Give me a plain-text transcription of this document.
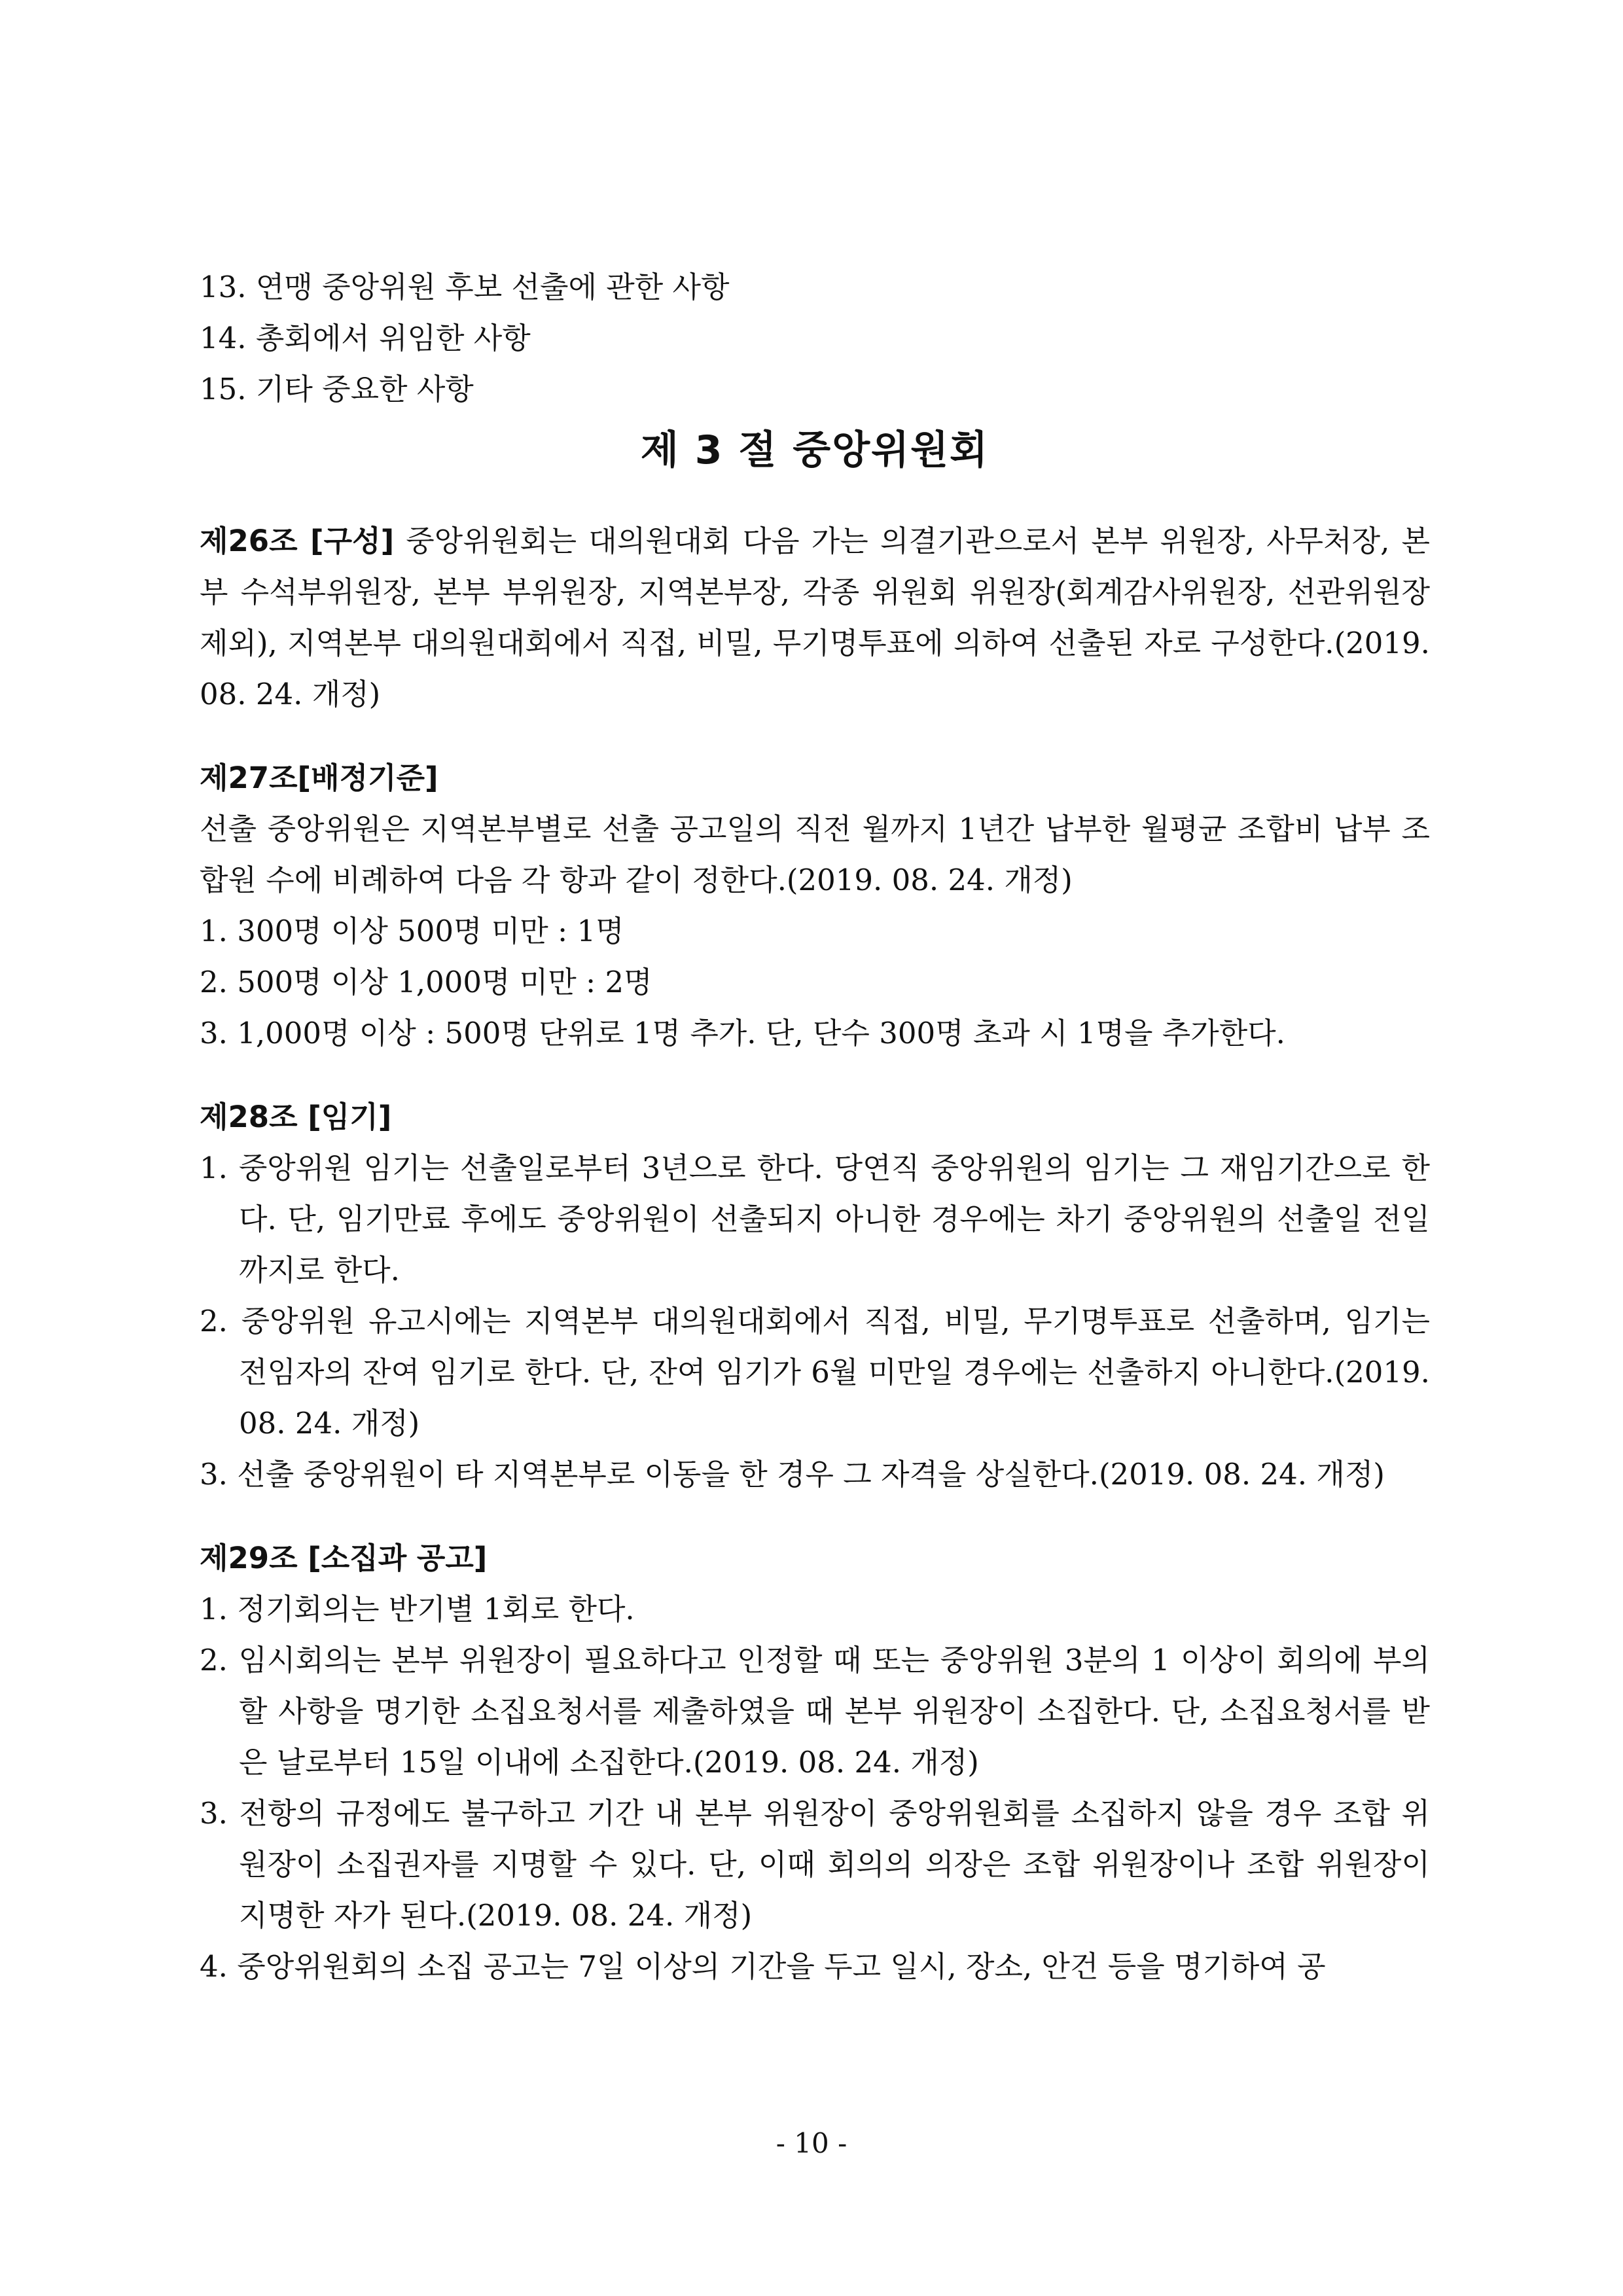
13. 연맹 중앙위원 후보 선출에 관한 사항
14. 총회에서 위임한 사항
15. 기타 중요한 사항
제 3 절 중앙위원회
제26조 [구성] 중앙위원회는 대의원대회 다음 가는 의결기관으로서 본부 위원장, 사무처장, 본부 수석부위원장, 본부 부위원장, 지역본부장, 각종 위원회 위원장(회계감사위원장, 선관위원장 제외), 지역본부 대의원대회에서 직접, 비밀, 무기명투표에 의하여 선출된 자로 구성한다.(2019. 08. 24. 개정)
제27조[배정기준]
선출 중앙위원은 지역본부별로 선출 공고일의 직전 월까지 1년간 납부한 월평균 조합비 납부 조합원 수에 비례하여 다음 각 항과 같이 정한다.(2019. 08. 24. 개정)
1. 300명 이상 500명 미만 : 1명
2. 500명 이상 1,000명 미만 : 2명
3. 1,000명 이상 : 500명 단위로 1명 추가. 단, 단수 300명 초과 시 1명을 추가한다.
제28조 [임기]
1. 중앙위원 임기는 선출일로부터 3년으로 한다. 당연직 중앙위원의 임기는 그 재임기간으로 한다. 단, 임기만료 후에도 중앙위원이 선출되지 아니한 경우에는 차기 중앙위원의 선출일 전일까지로 한다.
2. 중앙위원 유고시에는 지역본부 대의원대회에서 직접, 비밀, 무기명투표로 선출하며, 임기는 전임자의 잔여 임기로 한다. 단, 잔여 임기가 6월 미만일 경우에는 선출하지 아니한다.(2019. 08. 24. 개정)
3. 선출 중앙위원이 타 지역본부로 이동을 한 경우 그 자격을 상실한다.(2019. 08. 24. 개정)
제29조 [소집과 공고]
1. 정기회의는 반기별 1회로 한다.
2. 임시회의는 본부 위원장이 필요하다고 인정할 때 또는 중앙위원 3분의 1 이상이 회의에 부의할 사항을 명기한 소집요청서를 제출하였을 때 본부 위원장이 소집한다. 단, 소집요청서를 받은 날로부터 15일 이내에 소집한다.(2019. 08. 24. 개정)
3. 전항의 규정에도 불구하고 기간 내 본부 위원장이 중앙위원회를 소집하지 않을 경우 조합 위원장이 소집권자를 지명할 수 있다. 단, 이때 회의의 의장은 조합 위원장이나 조합 위원장이 지명한 자가 된다.(2019. 08. 24. 개정)
4. 중앙위원회의 소집 공고는 7일 이상의 기간을 두고 일시, 장소, 안건 등을 명기하여 공
- 10 -
